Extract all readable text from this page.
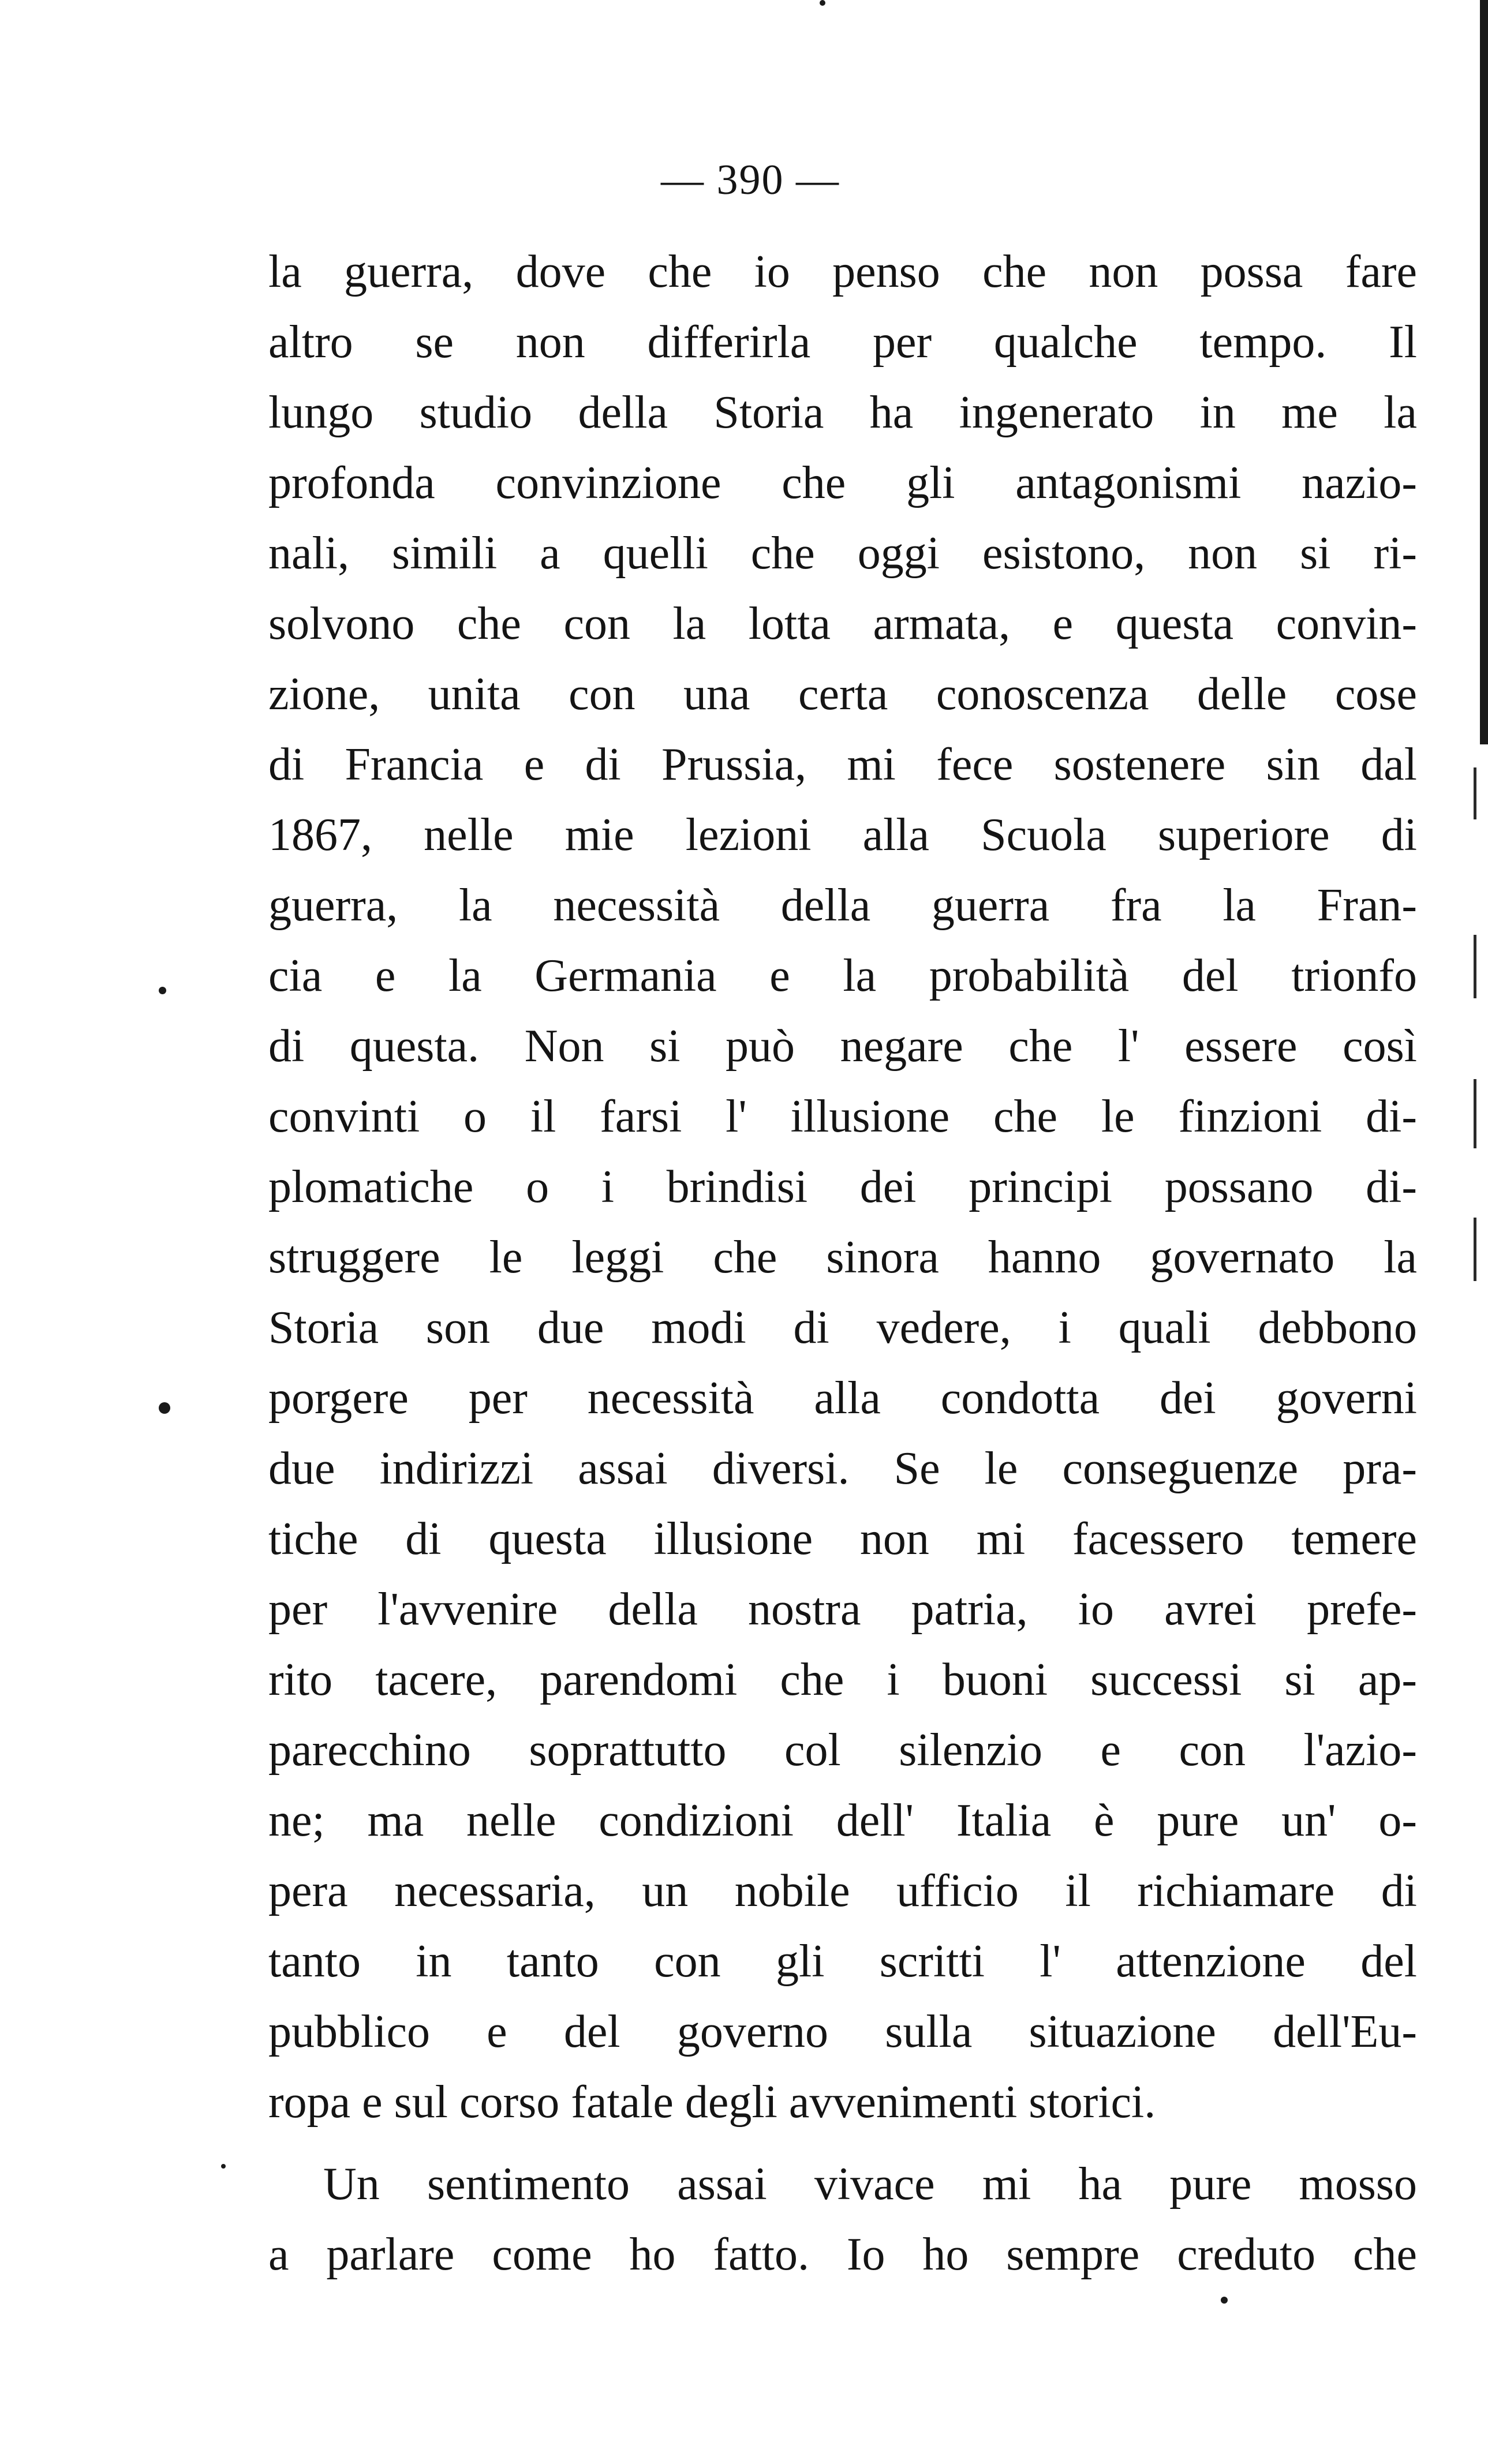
— 390 —
la guerra, dove che io penso che non possa fare
altro se non differirla per qualche tempo. Il
lungo studio della Storia ha ingenerato in me la
profonda convinzione che gli antagonismi nazio-
nali, simili a quelli che oggi esistono, non si ri-
solvono che con la lotta armata, e questa convin-
zione, unita con una certa conoscenza delle cose
di Francia e di Prussia, mi fece sostenere sin dal
1867, nelle mie lezioni alla Scuola superiore di
guerra, la necessità della guerra fra la Fran-
cia e la Germania e la probabilità del trionfo
di questa. Non si può negare che l' essere così
convinti o il farsi l' illusione che le finzioni di-
plomatiche o i brindisi dei principi possano di-
struggere le leggi che sinora hanno governato la
Storia son due modi di vedere, i quali debbono
porgere per necessità alla condotta dei governi
due indirizzi assai diversi. Se le conseguenze pra-
tiche di questa illusione non mi facessero temere
per l'avvenire della nostra patria, io avrei prefe-
rito tacere, parendomi che i buoni successi si ap-
parecchino soprattutto col silenzio e con l'azio-
ne; ma nelle condizioni dell' Italia è pure un' o-
pera necessaria, un nobile ufficio il richiamare di
tanto in tanto con gli scritti l' attenzione del
pubblico e del governo sulla situazione dell'Eu-
ropa e sul corso fatale degli avvenimenti storici.
Un sentimento assai vivace mi ha pure mosso
a parlare come ho fatto. Io ho sempre creduto che
